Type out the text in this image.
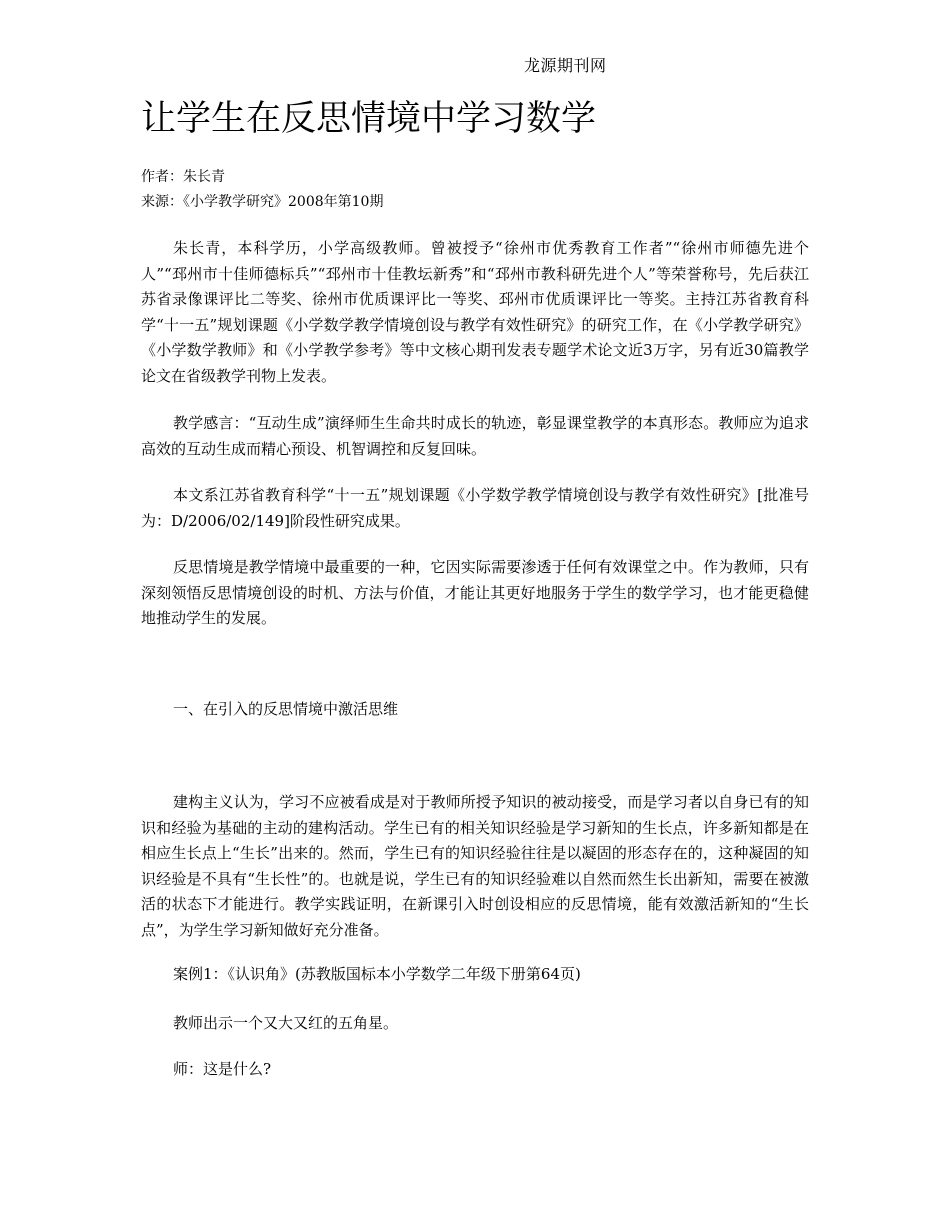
龙源期刊网
让学生在反思情境中学习数学
作者：朱长青
来源：《小学教学研究》2008年第10期

朱长青，本科学历，小学高级教师。曾被授予“徐州市优秀教育工作者”“徐州市师德先进个人”“邳州市十佳师德标兵”“邳州市十佳教坛新秀”和“邳州市教科研先进个人”等荣誉称号，先后获江苏省录像课评比二等奖、徐州市优质课评比一等奖、邳州市优质课评比一等奖。主持江苏省教育科学“十一五”规划课题《小学数学教学情境创设与教学有效性研究》的研究工作，在《小学教学研究》《小学数学教师》和《小学教学参考》等中文核心期刊发表专题学术论文近3万字，另有近30篇教学论文在省级教学刊物上发表。

教学感言：“互动生成”演绎师生生命共时成长的轨迹，彰显课堂教学的本真形态。教师应为追求高效的互动生成而精心预设、机智调控和反复回味。

本文系江苏省教育科学“十一五”规划课题《小学数学教学情境创设与教学有效性研究》[批准号为：D/2006/02/149]阶段性研究成果。

反思情境是教学情境中最重要的一种，它因实际需要渗透于任何有效课堂之中。作为教师，只有深刻领悟反思情境创设的时机、方法与价值，才能让其更好地服务于学生的数学学习，也才能更稳健地推动学生的发展。

一、在引入的反思情境中激活思维

建构主义认为，学习不应被看成是对于教师所授予知识的被动接受，而是学习者以自身已有的知识和经验为基础的主动的建构活动。学生已有的相关知识经验是学习新知的生长点，许多新知都是在相应生长点上“生长”出来的。然而，学生已有的知识经验往往是以凝固的形态存在的，这种凝固的知识经验是不具有“生长性”的。也就是说，学生已有的知识经验难以自然而然生长出新知，需要在被激活的状态下才能进行。教学实践证明，在新课引入时创设相应的反思情境，能有效激活新知的“生长点”，为学生学习新知做好充分准备。

案例1：《认识角》(苏教版国标本小学数学二年级下册第64页)

教师出示一个又大又红的五角星。

师：这是什么?
